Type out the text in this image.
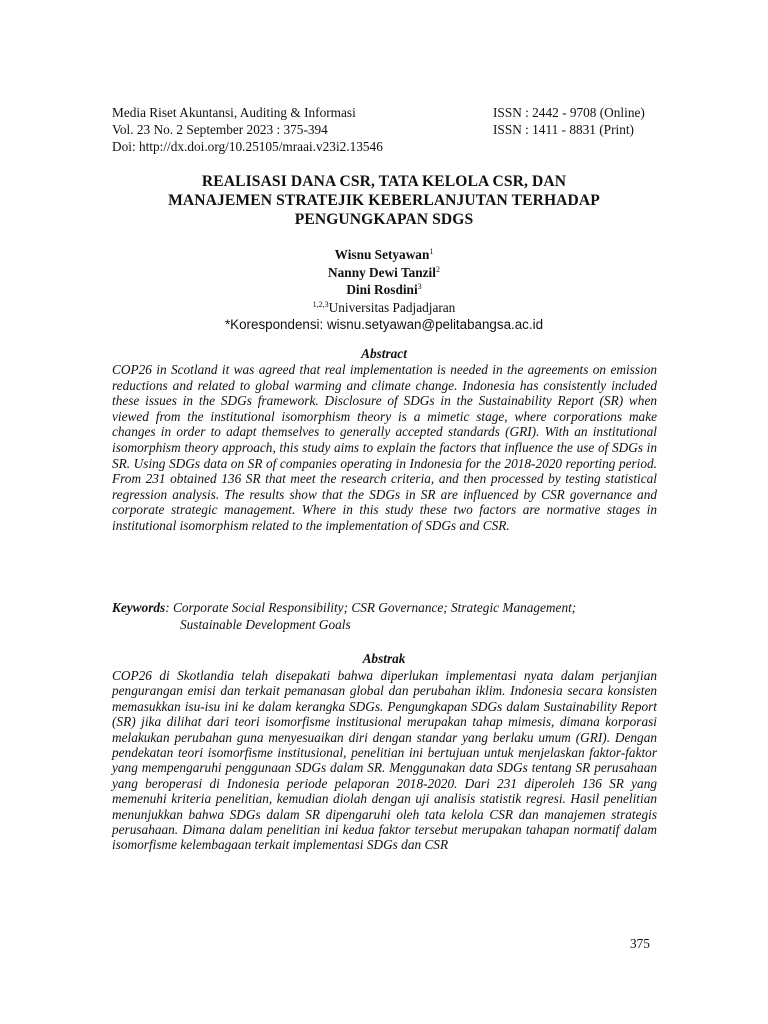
Media Riset Akuntansi, Auditing & Informasi
Vol. 23 No. 2 September 2023 : 375-394
Doi: http://dx.doi.org/10.25105/mraai.v23i2.13546
ISSN : 2442 - 9708 (Online)
ISSN : 1411 - 8831 (Print)
REALISASI DANA CSR, TATA KELOLA CSR, DAN
MANAJEMEN STRATEJIK KEBERLANJUTAN TERHADAP
PENGUNGKAPAN SDGS
Wisnu Setyawan$^1$
Nanny Dewi Tanzil$^2$
Dini Rosdini$^3$
$^{1,2,3}$Universitas Padjadjaran
*Korespondensi: wisnu.setyawan@pelitabangsa.ac.id
Abstract
COP26 in Scotland it was agreed that real implementation is needed in the agreements on emission reductions and related to global warming and climate change. Indonesia has consistently included these issues in the SDGs framework. Disclosure of SDGs in the Sustainability Report (SR) when viewed from the institutional isomorphism theory is a mimetic stage, where corporations make changes in order to adapt themselves to generally accepted standards (GRI). With an institutional isomorphism theory approach, this study aims to explain the factors that influence the use of SDGs in SR. Using SDGs data on SR of companies operating in Indonesia for the 2018-2020 reporting period. From 231 obtained 136 SR that meet the research criteria, and then processed by testing statistical regression analysis. The results show that the SDGs in SR are influenced by CSR governance and corporate strategic management. Where in this study these two factors are normative stages in institutional isomorphism related to the implementation of SDGs and CSR.
Keywords : Corporate Social Responsibility; CSR Governance; Strategic Management;
Sustainable Development Goals
Abstrak
COP26 di Skotlandia telah disepakati bahwa diperlukan implementasi nyata dalam perjanjian pengurangan emisi dan terkait pemanasan global dan perubahan iklim. Indonesia secara konsisten memasukkan isu-isu ini ke dalam kerangka SDGs. Pengungkapan SDGs dalam Sustainability Report (SR) jika dilihat dari teori isomorfisme institusional merupakan tahap mimesis, dimana korporasi melakukan perubahan guna menyesuaikan diri dengan standar yang berlaku umum (GRI). Dengan pendekatan teori isomorfisme institusional, penelitian ini bertujuan untuk menjelaskan faktor-faktor yang mempengaruhi penggunaan SDGs dalam SR. Menggunakan data SDGs tentang SR perusahaan yang beroperasi di Indonesia periode pelaporan 2018-2020. Dari 231 diperoleh 136 SR yang memenuhi kriteria penelitian, kemudian diolah dengan uji analisis statistik regresi. Hasil penelitian menunjukkan bahwa SDGs dalam SR dipengaruhi oleh tata kelola CSR dan manajemen strategis perusahaan. Dimana dalam penelitian ini kedua faktor tersebut merupakan tahapan normatif dalam isomorfisme kelembagaan terkait implementasi SDGs dan CSR
375
